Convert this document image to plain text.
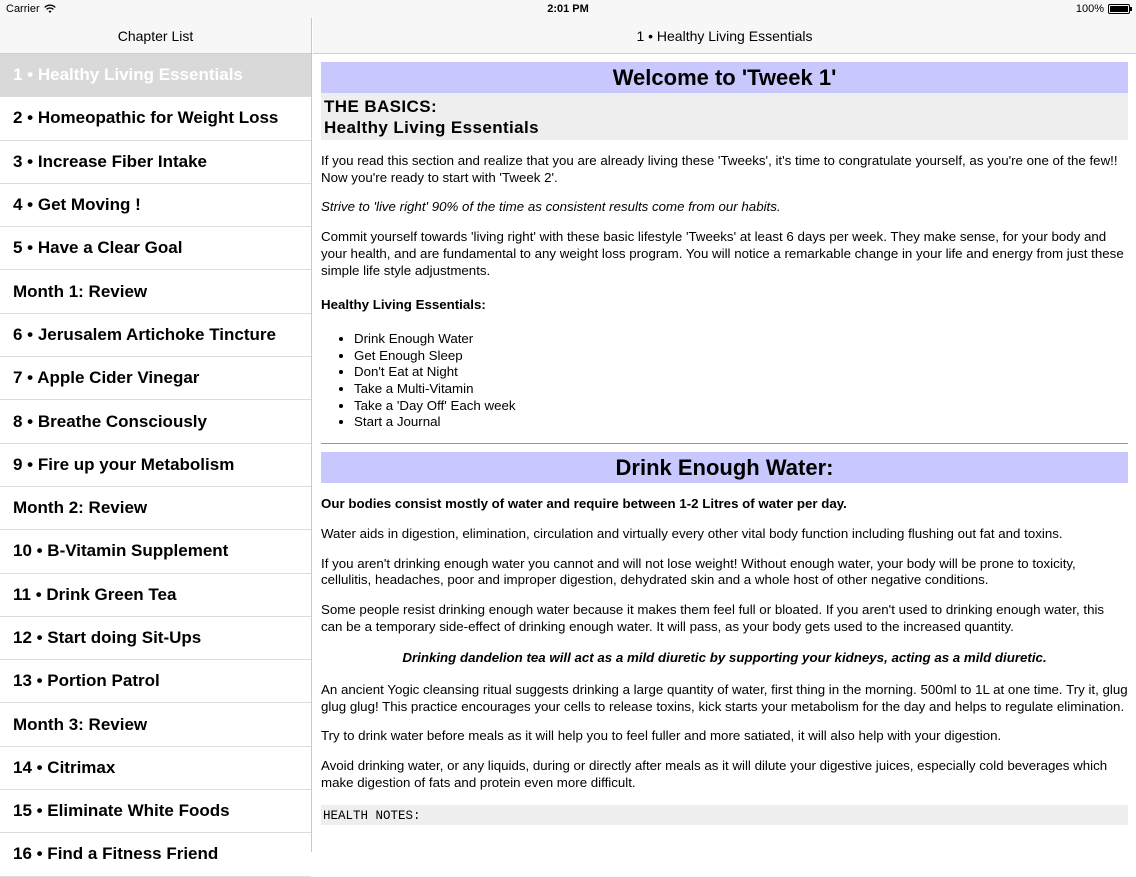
Carrier	2:01 PM	100%
Chapter List
1 • Healthy Living Essentials
2 • Homeopathic for Weight Loss
3 • Increase Fiber Intake
4 • Get Moving !
5 • Have a Clear Goal
Month 1: Review
6 • Jerusalem Artichoke Tincture
7 • Apple Cider Vinegar
8 • Breathe Consciously
9 • Fire up your Metabolism
Month 2: Review
10 • B-Vitamin Supplement
11 • Drink Green Tea
12 • Start doing Sit-Ups
13 • Portion Patrol
Month 3: Review
14 • Citrimax
15 • Eliminate White Foods
16 • Find a Fitness Friend
1 • Healthy Living Essentials
Welcome to 'Tweek 1'
THE BASICS:
Healthy Living Essentials

If you read this section and realize that you are already living these 'Tweeks', it's time to congratulate yourself, as you're one of the few!! Now you're ready to start with 'Tweek 2'.

Strive to 'live right' 90% of the time as consistent results come from our habits.

Commit yourself towards 'living right' with these basic lifestyle 'Tweeks' at least 6 days per week. They make sense, for your body and your health, and are fundamental to any weight loss program. You will notice a remarkable change in your life and energy from just these simple life style adjustments.

Healthy Living Essentials:

• Drink Enough Water
• Get Enough Sleep
• Don't Eat at Night
• Take a Multi-Vitamin
• Take a 'Day Off' Each week
• Start a Journal
Drink Enough Water:

Our bodies consist mostly of water and require between 1-2 Litres of water per day.

Water aids in digestion, elimination, circulation and virtually every other vital body function including flushing out fat and toxins.

If you aren't drinking enough water you cannot and will not lose weight! Without enough water, your body will be prone to toxicity, cellulitis, headaches, poor and improper digestion, dehydrated skin and a whole host of other negative conditions.

Some people resist drinking enough water because it makes them feel full or bloated. If you aren't used to drinking enough water, this can be a temporary side-effect of drinking enough water. It will pass, as your body gets used to the increased quantity.

Drinking dandelion tea will act as a mild diuretic by supporting your kidneys, acting as a mild diuretic.

An ancient Yogic cleansing ritual suggests drinking a large quantity of water, first thing in the morning. 500ml to 1L at one time. Try it, glug glug glug! This practice encourages your cells to release toxins, kick starts your metabolism for the day and helps to regulate elimination.

Try to drink water before meals as it will help you to feel fuller and more satiated, it will also help with your digestion.

Avoid drinking water, or any liquids, during or directly after meals as it will dilute your digestive juices, especially cold beverages which make digestion of fats and protein even more difficult.

HEALTH NOTES:
